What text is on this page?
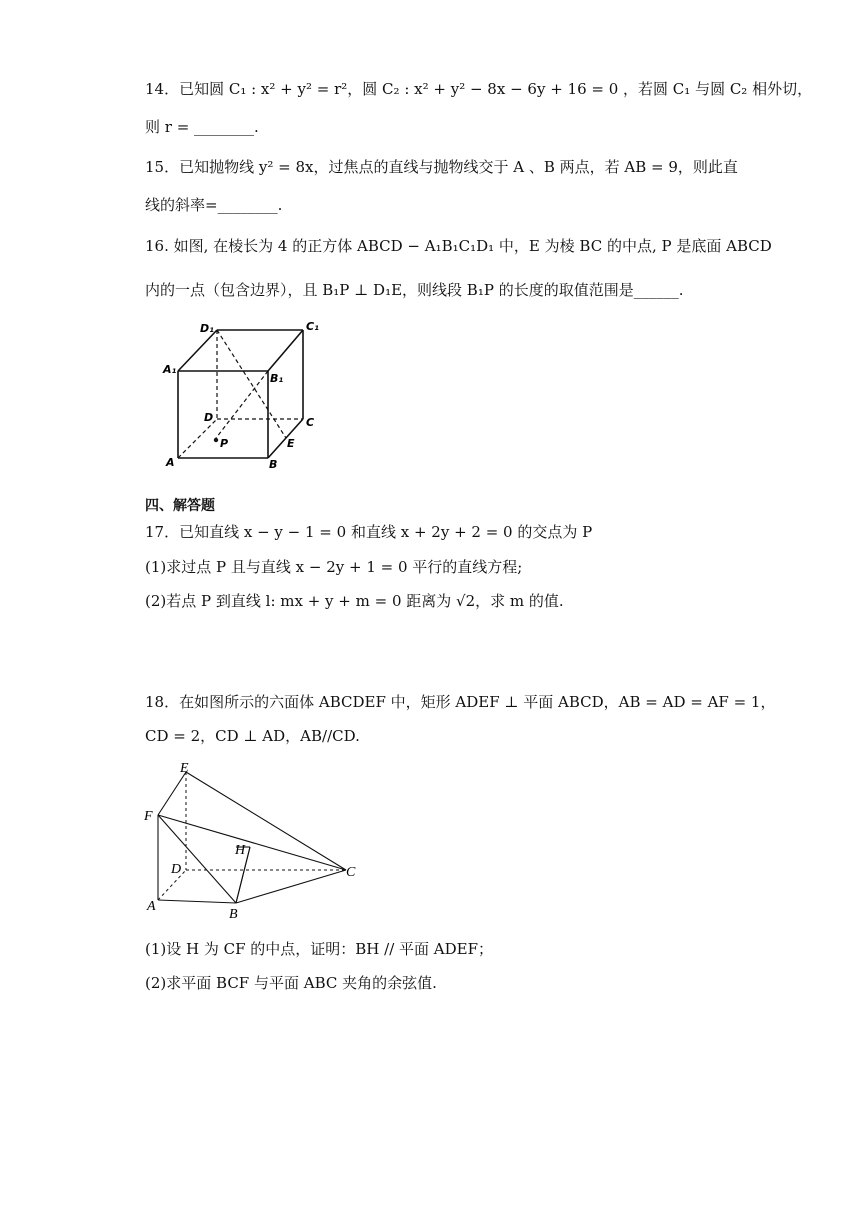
14．已知圆 C₁ : x² + y² = r²，圆 C₂ : x² + y² − 8x − 6y + 16 = 0 ，若圆 C₁ 与圆 C₂ 相外切，
则 r = ________.
15．已知抛物线 y² = 8x，过焦点的直线与抛物线交于 A 、B 两点，若 AB = 9，则此直
线的斜率=________.
16. 如图, 在棱长为 4 的正方体 ABCD − A₁B₁C₁D₁ 中，E 为棱 BC 的中点, P 是底面 ABCD
内的一点（包含边界），且 B₁P ⊥ D₁E，则线段 B₁P 的长度的取值范围是______.
D₁	C₁
A₁
B₁
D	C
E
P
A	B
四、解答题
17．已知直线 x − y − 1 = 0 和直线 x + 2y + 2 = 0 的交点为 P
(1)求过点 P 且与直线 x − 2y + 1 = 0 平行的直线方程;
(2)若点 P 到直线 l: mx + y + m = 0 距离为 √2，求 m 的值.
18．在如图所示的六面体 ABCDEF 中，矩形 ADEF ⊥ 平面 ABCD，AB = AD = AF = 1，
CD = 2，CD ⊥ AD，AB//CD.
E
F
H
D	C
A
B
(1)设 H 为 CF 的中点，证明：BH // 平面 ADEF；
(2)求平面 BCF 与平面 ABC 夹角的余弦值.
